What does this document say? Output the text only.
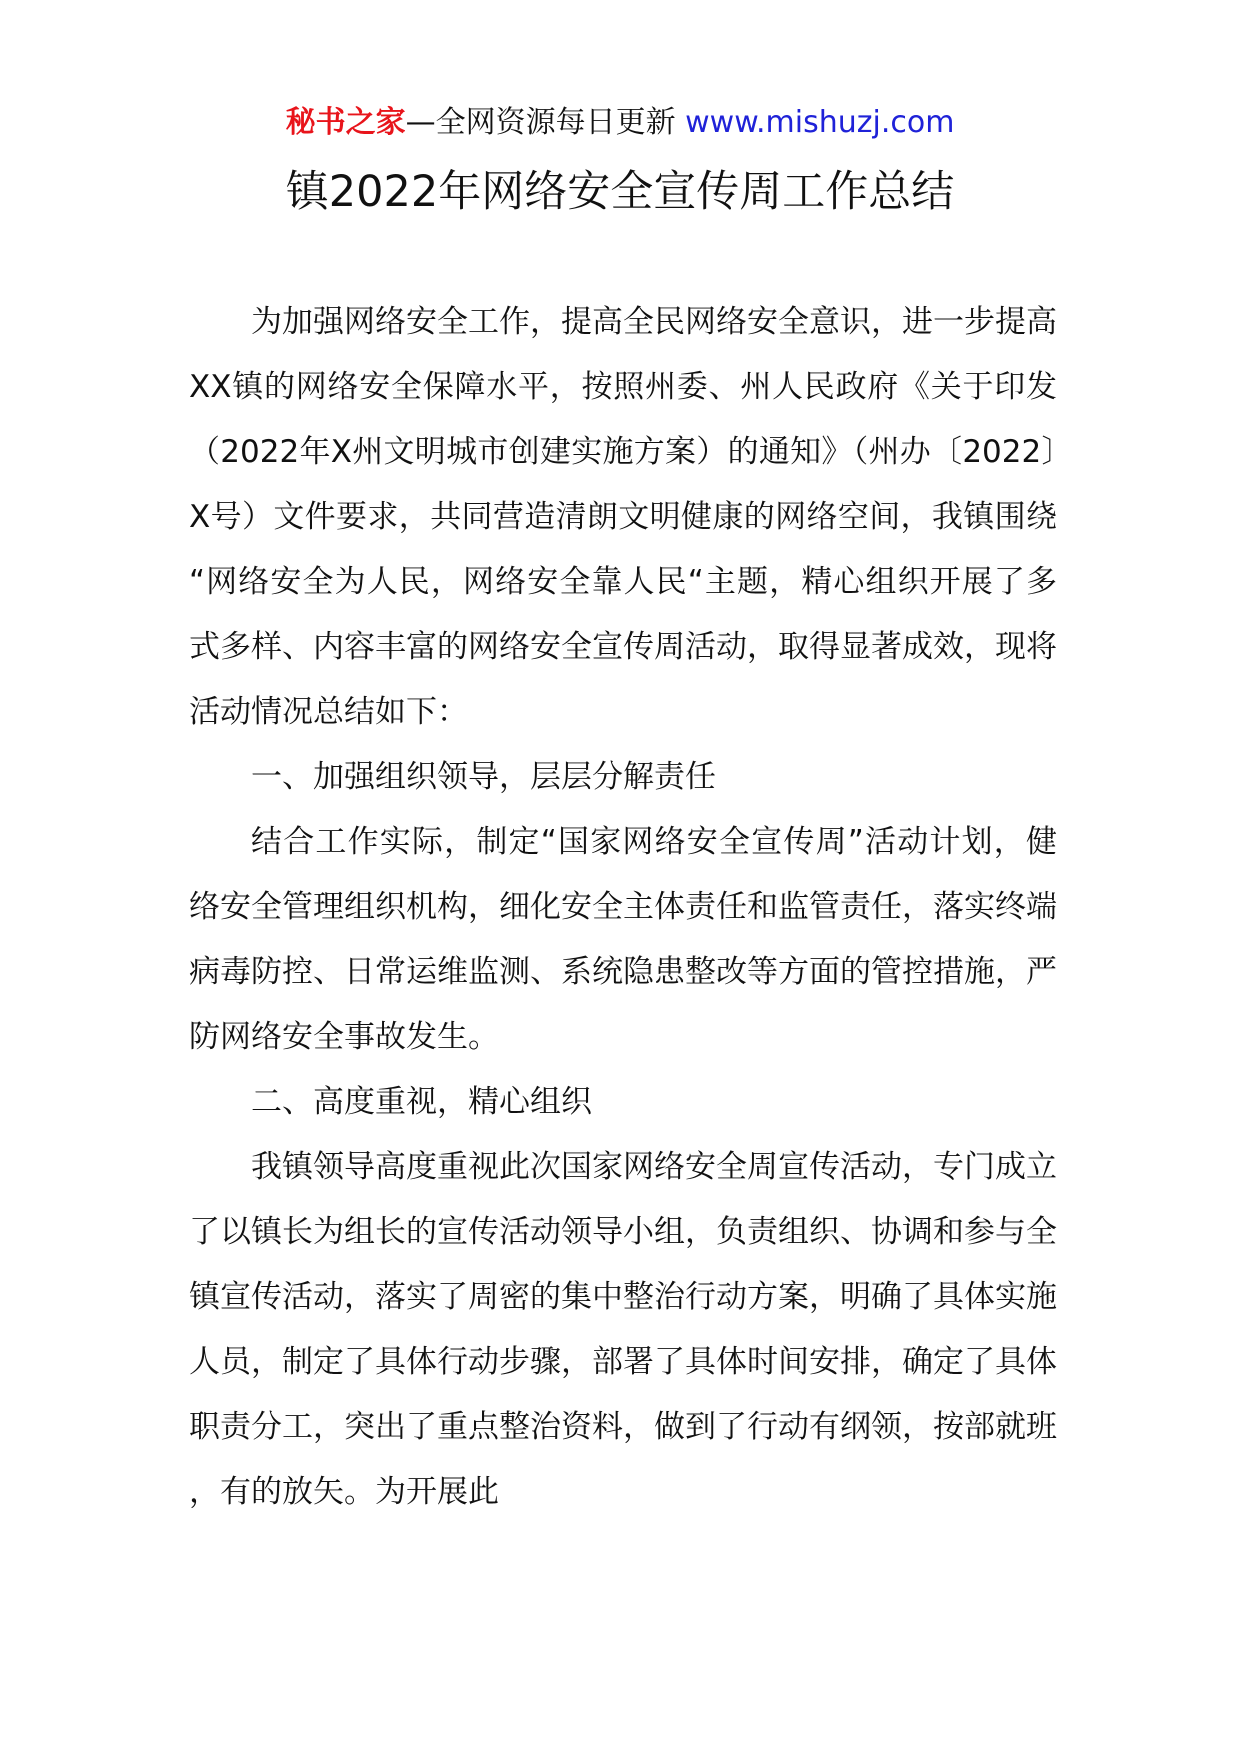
秘书之家—全网资源每日更新 www.mishuzj.com
镇2022年网络安全宣传周工作总结

为加强网络安全工作，提高全民网络安全意识，进一步提高XX镇的网络安全保障水平，按照州委、州人民政府《关于印发（2022年X州文明城市创建实施方案）的通知》（州办〔2022〕X号）文件要求，共同营造清朗文明健康的网络空间，我镇围绕“网络安全为人民，网络安全靠人民“主题，精心组织开展了多式多样、内容丰富的网络安全宣传周活动，取得显著成效，现将活动情况总结如下：

一、加强组织领导，层层分解责任

结合工作实际，制定“国家网络安全宣传周”活动计划，健络安全管理组织机构，细化安全主体责任和监管责任，落实终端病毒防控、日常运维监测、系统隐患整改等方面的管控措施，严防网络安全事故发生。

二、高度重视，精心组织

我镇领导高度重视此次国家网络安全周宣传活动，专门成立了以镇长为组长的宣传活动领导小组，负责组织、协调和参与全镇宣传活动，落实了周密的集中整治行动方案，明确了具体实施人员，制定了具体行动步骤，部署了具体时间安排，确定了具体职责分工，突出了重点整治资料，做到了行动有纲领，按部就班，有的放矢。为开展此
